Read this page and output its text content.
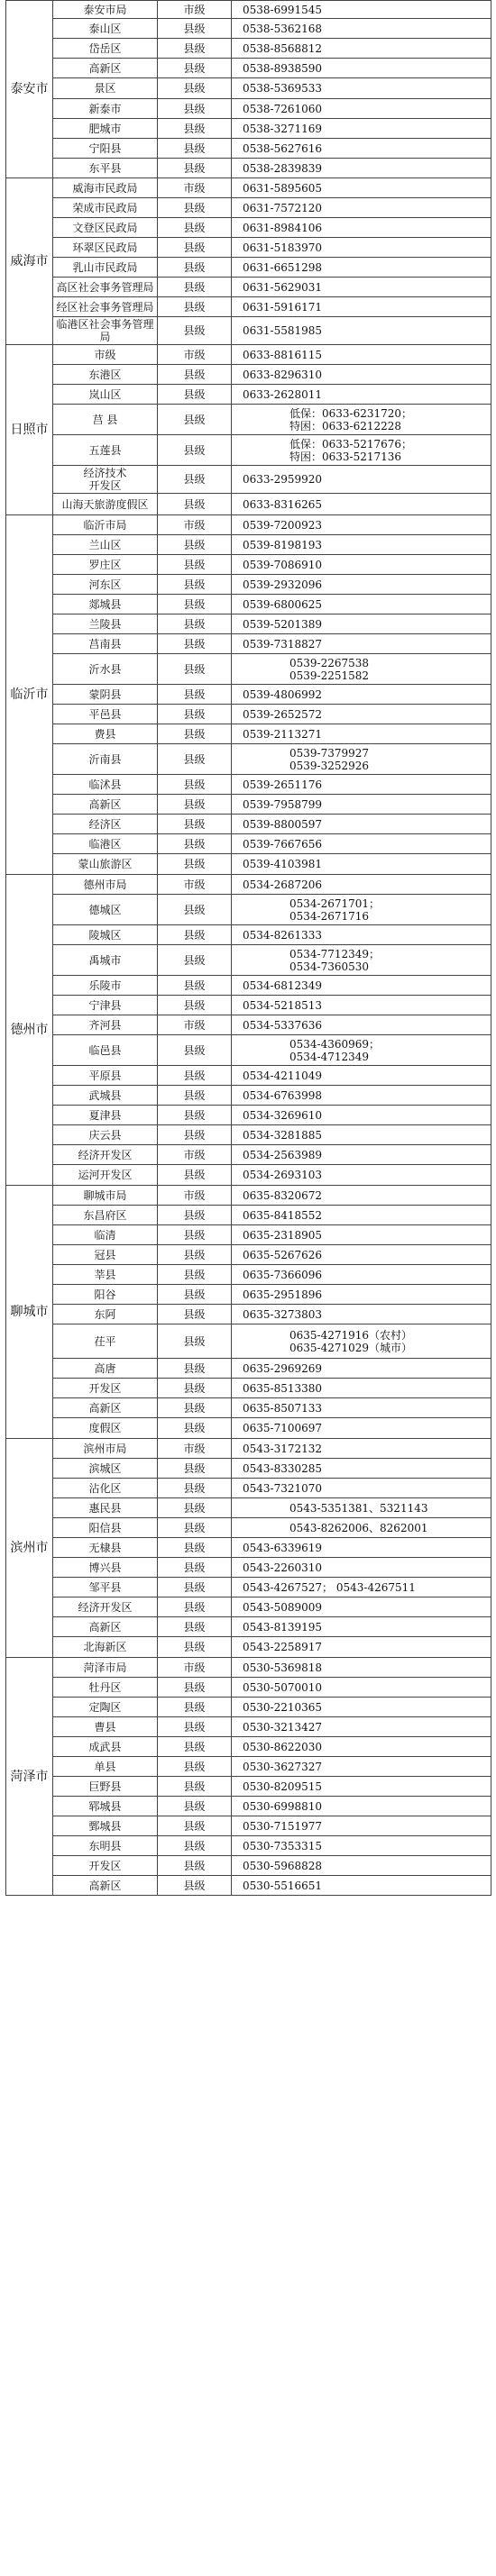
泰安市	泰安市局	市级	0538-6991545
	泰山区	县级	0538-5362168
	岱岳区	县级	0538-8568812
	高新区	县级	0538-8938590
	景区	县级	0538-5369533
	新泰市	县级	0538-7261060
	肥城市	县级	0538-3271169
	宁阳县	县级	0538-5627616
	东平县	县级	0538-2839839
威海市	威海市民政局	市级	0631-5895605
	荣成市民政局	县级	0631-7572120
	文登区民政局	县级	0631-8984106
	环翠区民政局	县级	0631-5183970
	乳山市民政局	县级	0631-6651298
	高区社会事务管理局	县级	0631-5629031
	经区社会事务管理局	县级	0631-5916171
	临港区社会事务管理局	县级	0631-5581985
日照市	市级	市级	0633-8816115
	东港区	县级	0633-8296310
	岚山区	县级	0633-2628011
	莒 县	县级	低保：0633-6231720；
特困：0633-6212228
	五莲县	县级	低保：0633-5217676；
特困：0633-5217136
	经济技术
开发区	县级	0633-2959920
	山海天旅游度假区	县级	0633-8316265
临沂市	临沂市局	市级	0539-7200923
	兰山区	县级	0539-8198193
	罗庄区	县级	0539-7086910
	河东区	县级	0539-2932096
	郯城县	县级	0539-6800625
	兰陵县	县级	0539-5201389
	莒南县	县级	0539-7318827
	沂水县	县级	0539-2267538
0539-2251582
	蒙阴县	县级	0539-4806992
	平邑县	县级	0539-2652572
	费县	县级	0539-2113271
	沂南县	县级	0539-7379927
0539-3252926
	临沭县	县级	0539-2651176
	高新区	县级	0539-7958799
	经济区	县级	0539-8800597
	临港区	县级	0539-7667656
	蒙山旅游区	县级	0539-4103981
德州市	德州市局	市级	0534-2687206
	德城区	县级	0534-2671701；
0534-2671716
	陵城区	县级	0534-8261333
	禹城市	县级	0534-7712349；
0534-7360530
	乐陵市	县级	0534-6812349
	宁津县	县级	0534-5218513
	齐河县	市级	0534-5337636
	临邑县	县级	0534-4360969；
0534-4712349
	平原县	县级	0534-4211049
	武城县	县级	0534-6763998
	夏津县	县级	0534-3269610
	庆云县	县级	0534-3281885
	经济开发区	市级	0534-2563989
	运河开发区	县级	0534-2693103
聊城市	聊城市局	市级	0635-8320672
	东昌府区	县级	0635-8418552
	临清	县级	0635-2318905
	冠县	县级	0635-5267626
	莘县	县级	0635-7366096
	阳谷	县级	0635-2951896
	东阿	县级	0635-3273803
	茌平	县级	0635-4271916（农村）
0635-4271029（城市）
	高唐	县级	0635-2969269
	开发区	县级	0635-8513380
	高新区	县级	0635-8507133
	度假区	县级	0635-7100697
滨州市	滨州市局	市级	0543-3172132
	滨城区	县级	0543-8330285
	沾化区	县级	0543-7321070
	惠民县	县级	0543-5351381、5321143
	阳信县	县级	0543-8262006、8262001
	无棣县	县级	0543-6339619
	博兴县	县级	0543-2260310
	邹平县	县级	0543-4267527； 0543-4267511
	经济开发区	县级	0543-5089009
	高新区	县级	0543-8139195
	北海新区	县级	0543-2258917
菏泽市	菏泽市局	市级	0530-5369818
	牡丹区	县级	0530-5070010
	定陶区	县级	0530-2210365
	曹县	县级	0530-3213427
	成武县	县级	0530-8622030
	单县	县级	0530-3627327
	巨野县	县级	0530-8209515
	郓城县	县级	0530-6998810
	鄄城县	县级	0530-7151977
	东明县	县级	0530-7353315
	开发区	县级	0530-5968828
	高新区	县级	0530-5516651
